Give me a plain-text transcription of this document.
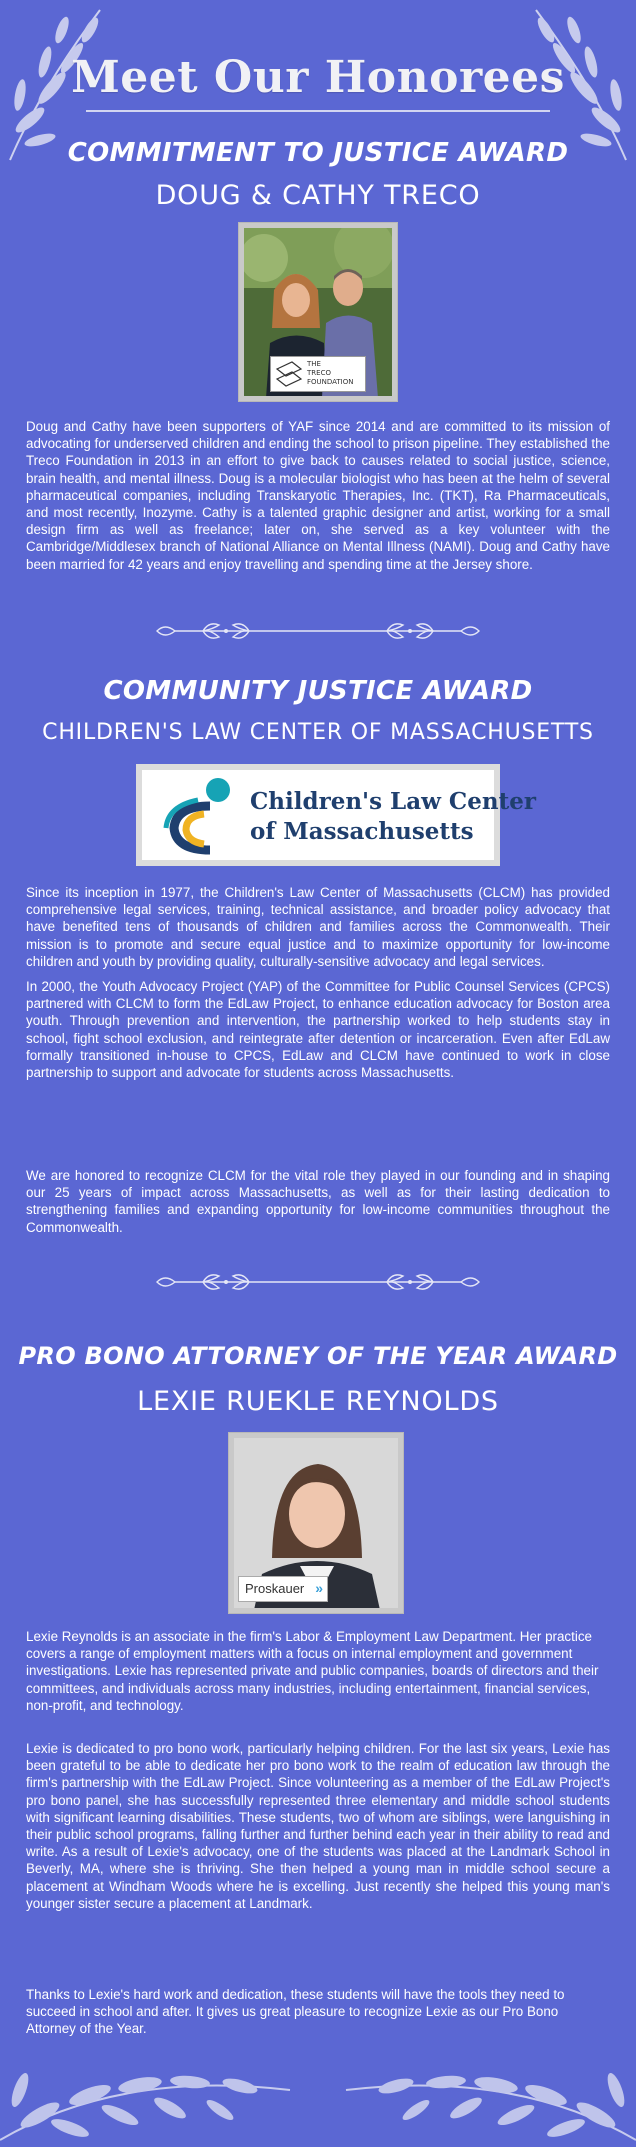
Meet Our Honorees
COMMITMENT TO JUSTICE AWARD
DOUG & CATHY TRECO
THE
TRECO
FOUNDATION

Doug and Cathy have been supporters of YAF since 2014 and are committed to its mission of advocating for underserved children and ending the school to prison pipeline. They established the Treco Foundation in 2013 in an effort to give back to causes related to social justice, science, brain health, and mental illness. Doug is a molecular biologist who has been at the helm of several pharmaceutical companies, including Transkaryotic Therapies, Inc. (TKT), Ra Pharmaceuticals, and most recently, Inozyme. Cathy is a talented graphic designer and artist, working for a small design firm as well as freelance; later on, she served as a key volunteer with the Cambridge/Middlesex branch of National Alliance on Mental Illness (NAMI). Doug and Cathy have been married for 42 years and enjoy travelling and spending time at the Jersey shore.

COMMUNITY JUSTICE AWARD
CHILDREN'S LAW CENTER OF MASSACHUSETTS
Children's Law Center
of Massachusetts

Since its inception in 1977, the Children's Law Center of Massachusetts (CLCM) has provided comprehensive legal services, training, technical assistance, and broader policy advocacy that have benefited tens of thousands of children and families across the Commonwealth. Their mission is to promote and secure equal justice and to maximize opportunity for low-income children and youth by providing quality, culturally-sensitive advocacy and legal services.

In 2000, the Youth Advocacy Project (YAP) of the Committee for Public Counsel Services (CPCS) partnered with CLCM to form the EdLaw Project, to enhance education advocacy for Boston area youth. Through prevention and intervention, the partnership worked to help students stay in school, fight school exclusion, and reintegrate after detention or incarceration. Even after EdLaw formally transitioned in-house to CPCS, EdLaw and CLCM have continued to work in close partnership to support and advocate for students across Massachusetts.

We are honored to recognize CLCM for the vital role they played in our founding and in shaping our 25 years of impact across Massachusetts, as well as for their lasting dedication to strengthening families and expanding opportunity for low-income communities throughout the Commonwealth.

PRO BONO ATTORNEY OF THE YEAR AWARD
LEXIE RUEKLE REYNOLDS
Proskauer »

Lexie Reynolds is an associate in the firm's Labor & Employment Law Department. Her practice covers a range of employment matters with a focus on internal employment and government investigations. Lexie has represented private and public companies, boards of directors and their committees, and individuals across many industries, including entertainment, financial services, non-profit, and technology.

Lexie is dedicated to pro bono work, particularly helping children. For the last six years, Lexie has been grateful to be able to dedicate her pro bono work to the realm of education law through the firm's partnership with the EdLaw Project. Since volunteering as a member of the EdLaw Project's pro bono panel, she has successfully represented three elementary and middle school students with significant learning disabilities. These students, two of whom are siblings, were languishing in their public school programs, falling further and further behind each year in their ability to read and write. As a result of Lexie's advocacy, one of the students was placed at the Landmark School in Beverly, MA, where she is thriving. She then helped a young man in middle school secure a placement at Windham Woods where he is excelling. Just recently she helped this young man's younger sister secure a placement at Landmark.

Thanks to Lexie's hard work and dedication, these students will have the tools they need to succeed in school and after. It gives us great pleasure to recognize Lexie as our Pro Bono Attorney of the Year.
